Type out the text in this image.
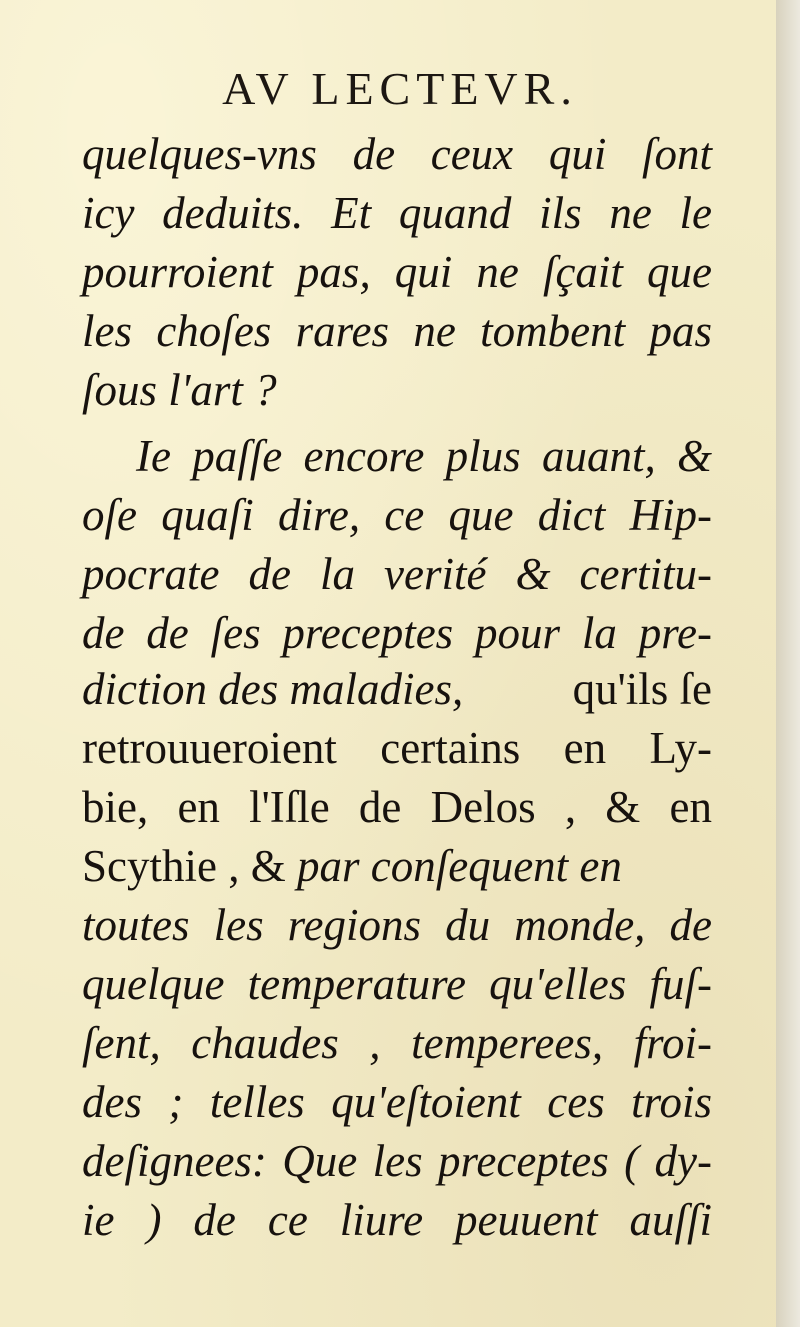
AV LECTEVR.
quelques-vns de ceux qui ſont
icy deduits. Et quand ils ne le
pourroient pas, qui ne ſçait que
les choſes rares ne tombent pas
ſous l'art ?
Ie paſſe encore plus auant, &
oſe quaſi dire, ce que dict Hip-
pocrate de la verité & certitu-
de de ſes preceptes pour la pre-
diction des maladies, qu'ils ſe
retrouueroient certains en Ly-
bie, en l'Iſle de Delos , & en
Scythie , & par conſequent en
toutes les regions du monde, de
quelque temperature qu'elles fuſ-
ſent, chaudes , temperees, froi-
des ; telles qu'eſtoient ces trois
deſignees: Que les preceptes ( dy-
ie ) de ce liure peuuent auſſi
